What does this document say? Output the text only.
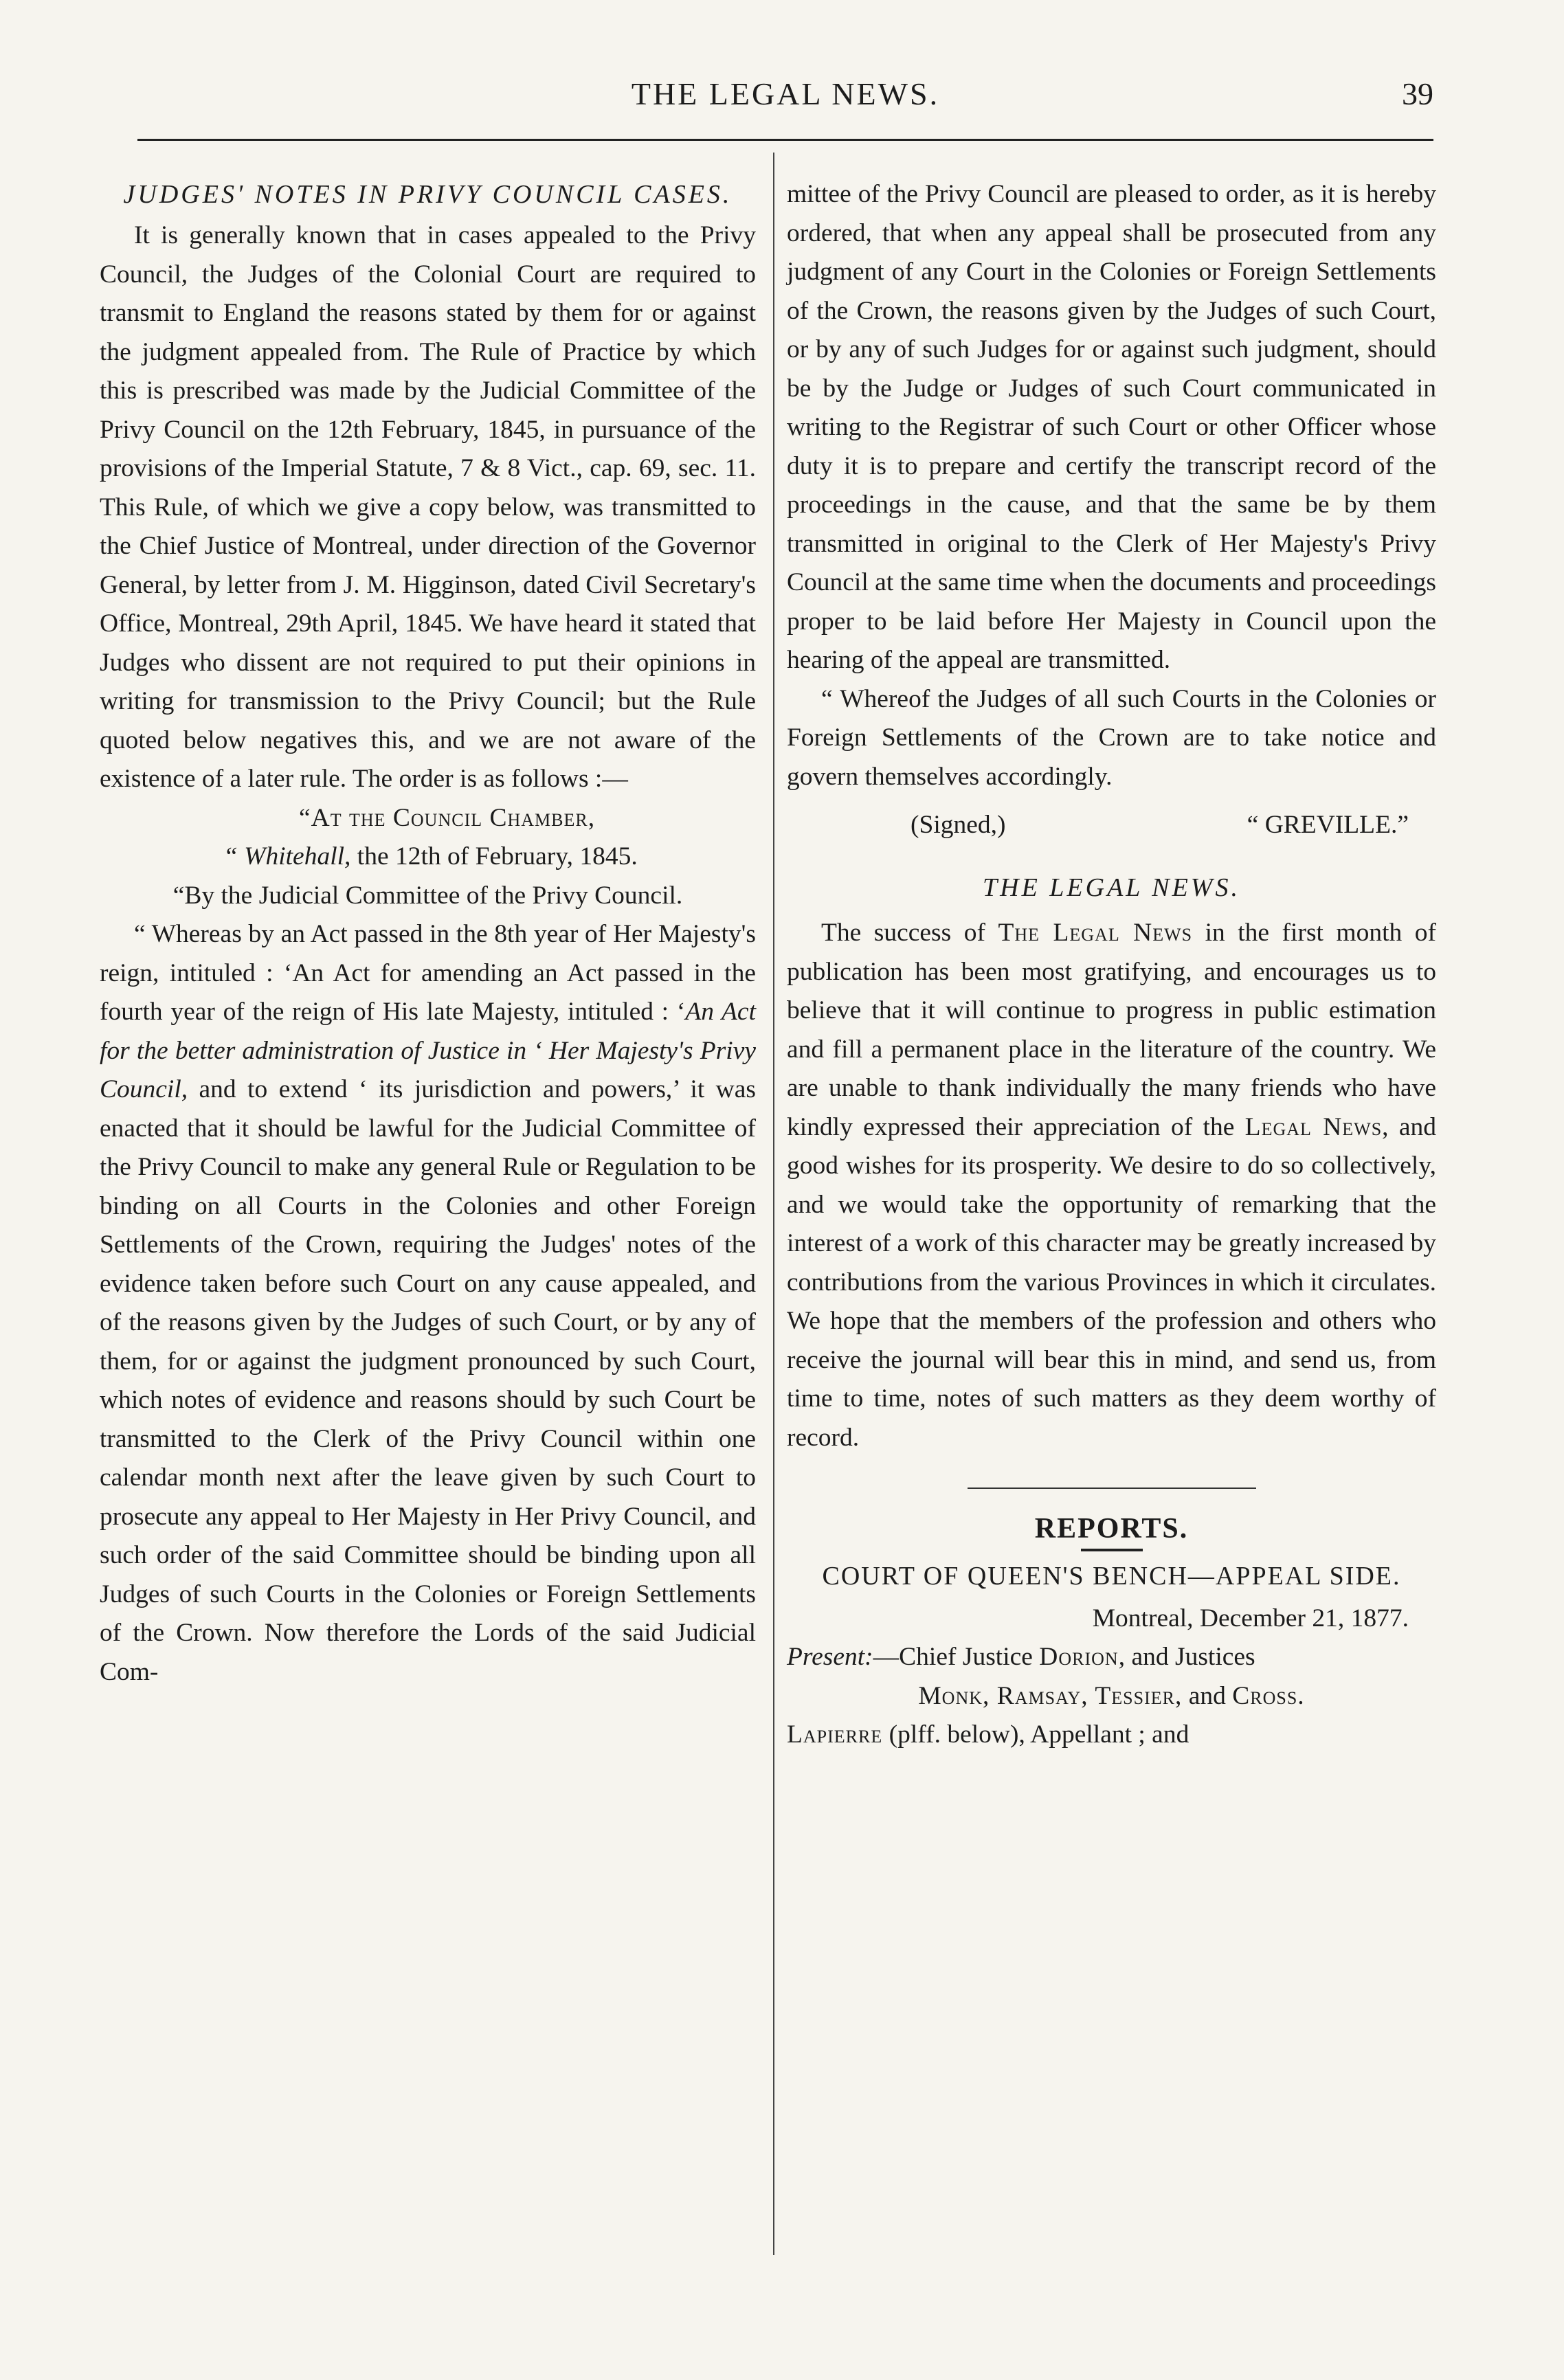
THE LEGAL NEWS.	39
JUDGES' NOTES IN PRIVY COUNCIL CASES.

It is generally known that in cases appealed to the Privy Council, the Judges of the Colonial Court are required to transmit to England the reasons stated by them for or against the judgment appealed from. The Rule of Practice by which this is prescribed was made by the Judicial Committee of the Privy Council on the 12th February, 1845, in pursuance of the provisions of the Imperial Statute, 7 & 8 Vict., cap. 69, sec. 11. This Rule, of which we give a copy below, was transmitted to the Chief Justice of Montreal, under direction of the Governor General, by letter from J. M. Higginson, dated Civil Secretary's Office, Montreal, 29th April, 1845. We have heard it stated that Judges who dissent are not required to put their opinions in writing for transmission to the Privy Council; but the Rule quoted below negatives this, and we are not aware of the existence of a later rule. The order is as follows :—

“At the Council Chamber,
“ Whitehall, the 12th of February, 1845.

“By the Judicial Committee of the Privy Council.

“ Whereas by an Act passed in the 8th year of Her Majesty's reign, intituled : ‘An Act for amending an Act passed in the fourth year of the reign of His late Majesty, intituled : ‘An Act for the better administration of Justice in ‘ Her Majesty's Privy Council, and to extend ‘ its jurisdiction and powers,’ it was enacted that it should be lawful for the Judicial Committee of the Privy Council to make any general Rule or Regulation to be binding on all Courts in the Colonies and other Foreign Settlements of the Crown, requiring the Judges' notes of the evidence taken before such Court on any cause appealed, and of the reasons given by the Judges of such Court, or by any of them, for or against the judgment pronounced by such Court, which notes of evidence and reasons should by such Court be transmitted to the Clerk of the Privy Council within one calendar month next after the leave given by such Court to prosecute any appeal to Her Majesty in Her Privy Council, and such order of the said Committee should be binding upon all Judges of such Courts in the Colonies or Foreign Settlements of the Crown. Now therefore the Lords of the said Judicial Com-

mittee of the Privy Council are pleased to order, as it is hereby ordered, that when any appeal shall be prosecuted from any judgment of any Court in the Colonies or Foreign Settlements of the Crown, the reasons given by the Judges of such Court, or by any of such Judges for or against such judgment, should be by the Judge or Judges of such Court communicated in writing to the Registrar of such Court or other Officer whose duty it is to prepare and certify the transcript record of the proceedings in the cause, and that the same be by them transmitted in original to the Clerk of Her Majesty's Privy Council at the same time when the documents and proceedings proper to be laid before Her Majesty in Council upon the hearing of the appeal are transmitted.

“ Whereof the Judges of all such Courts in the Colonies or Foreign Settlements of the Crown are to take notice and govern themselves accordingly.

(Signed,)	“ GREVILLE.”
THE LEGAL NEWS.

The success of The Legal News in the first month of publication has been most gratifying, and encourages us to believe that it will continue to progress in public estimation and fill a permanent place in the literature of the country. We are unable to thank individually the many friends who have kindly expressed their appreciation of the Legal News, and good wishes for its prosperity. We desire to do so collectively, and we would take the opportunity of remarking that the interest of a work of this character may be greatly increased by contributions from the various Provinces in which it circulates. We hope that the members of the profession and others who receive the journal will bear this in mind, and send us, from time to time, notes of such matters as they deem worthy of record.

REPORTS.
COURT OF QUEEN'S BENCH—APPEAL SIDE.
Montreal, December 21, 1877.

Present:—Chief Justice Dorion, and Justices

Monk, Ramsay, Tessier, and Cross.

Lapierre (plff. below), Appellant ; and
